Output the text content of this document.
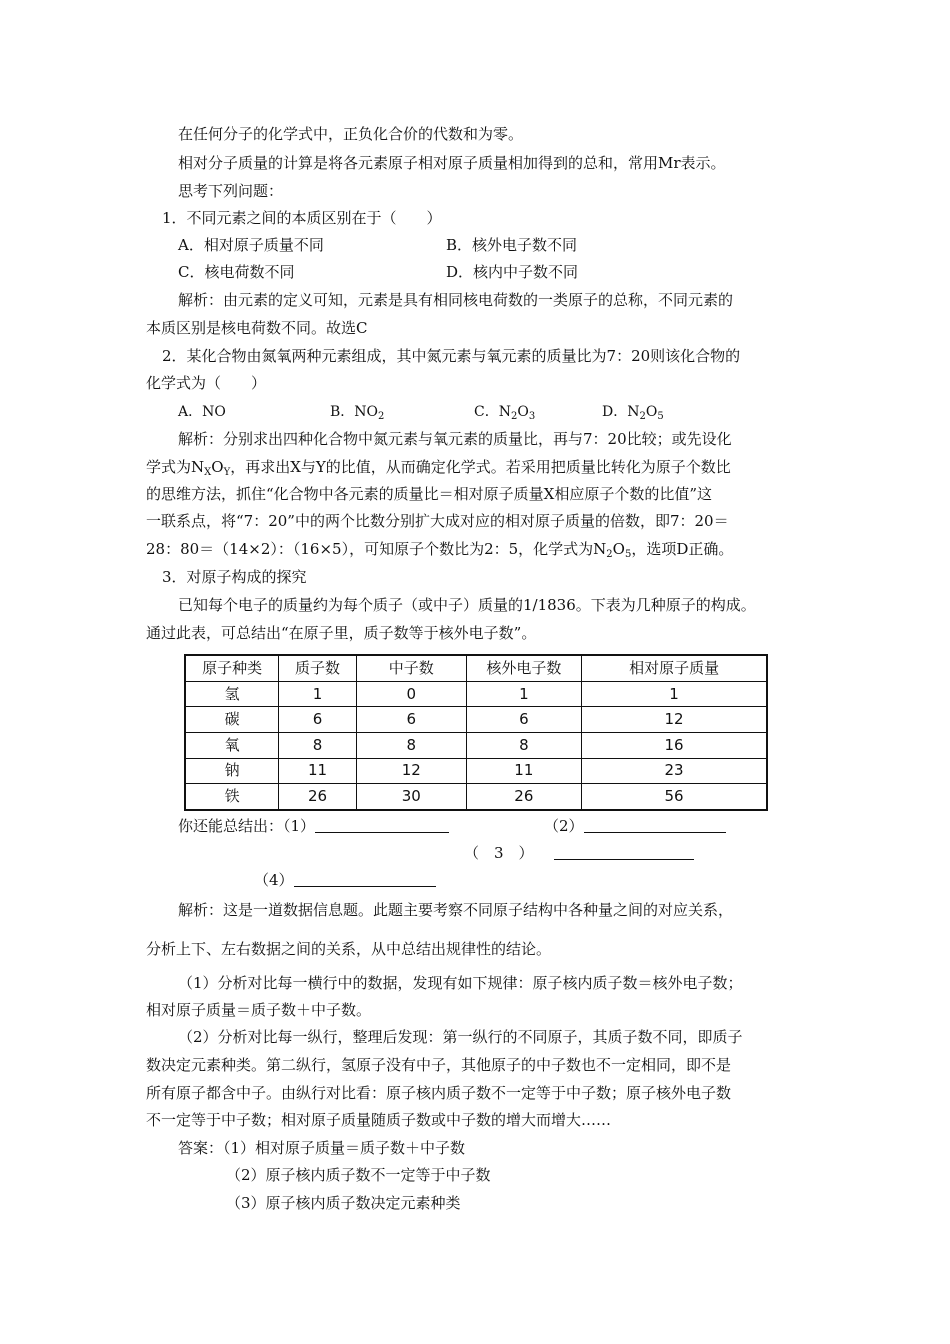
在任何分子的化学式中，正负化合价的代数和为零。
相对分子质量的计算是将各元素原子相对原子质量相加得到的总和，常用Mr表示。
思考下列问题：
1．不同元素之间的本质区别在于（　　）
A．相对原子质量不同	B．核外电子数不同
C．核电荷数不同	D．核内中子数不同
解析：由元素的定义可知，元素是具有相同核电荷数的一类原子的总称，不同元素的
本质区别是核电荷数不同。故选C
2．某化合物由氮氧两种元素组成，其中氮元素与氧元素的质量比为7：20则该化合物的
化学式为（　　）
A．NO	B．$NO_2$	C．$N_2O_3$	D．$N_2O_5$
解析：分别求出四种化合物中氮元素与氧元素的质量比，再与7：20比较；或先设化
学式为$N_XO_Y$，再求出X与Y的比值，从而确定化学式。若采用把质量比转化为原子个数比
的思维方法，抓住“化合物中各元素的质量比＝相对原子质量X相应原子个数的比值”这
一联系点，将“7：20”中的两个比数分别扩大成对应的相对原子质量的倍数，即7：20＝
28：80＝（14×2）：（16×5），可知原子个数比为2：5，化学式为$N_2O_5$，选项D正确。
3．对原子构成的探究
已知每个电子的质量约为每个质子（或中子）质量的1/1836。下表为几种原子的构成。
通过此表，可总结出“在原子里，质子数等于核外电子数”。
原子种类	质子数	中子数	核外电子数	相对原子质量
氢	1	0	1	1
碳	6	6	6	12
氧	8	8	8	16
钠	11	12	11	23
铁	26	30	26	56
你还能总结出：（1）	（2）
（　3　）
（4）
解析：这是一道数据信息题。此题主要考察不同原子结构中各种量之间的对应关系，
分析上下、左右数据之间的关系，从中总结出规律性的结论。
（1）分析对比每一横行中的数据，发现有如下规律：原子核内质子数＝核外电子数；
相对原子质量＝质子数＋中子数。
（2）分析对比每一纵行，整理后发现：第一纵行的不同原子，其质子数不同，即质子
数决定元素种类。第二纵行，氢原子没有中子，其他原子的中子数也不一定相同，即不是
所有原子都含中子。由纵行对比看：原子核内质子数不一定等于中子数；原子核外电子数
不一定等于中子数；相对原子质量随质子数或中子数的增大而增大……
答案：（1）相对原子质量＝质子数＋中子数
（2）原子核内质子数不一定等于中子数
（3）原子核内质子数决定元素种类
